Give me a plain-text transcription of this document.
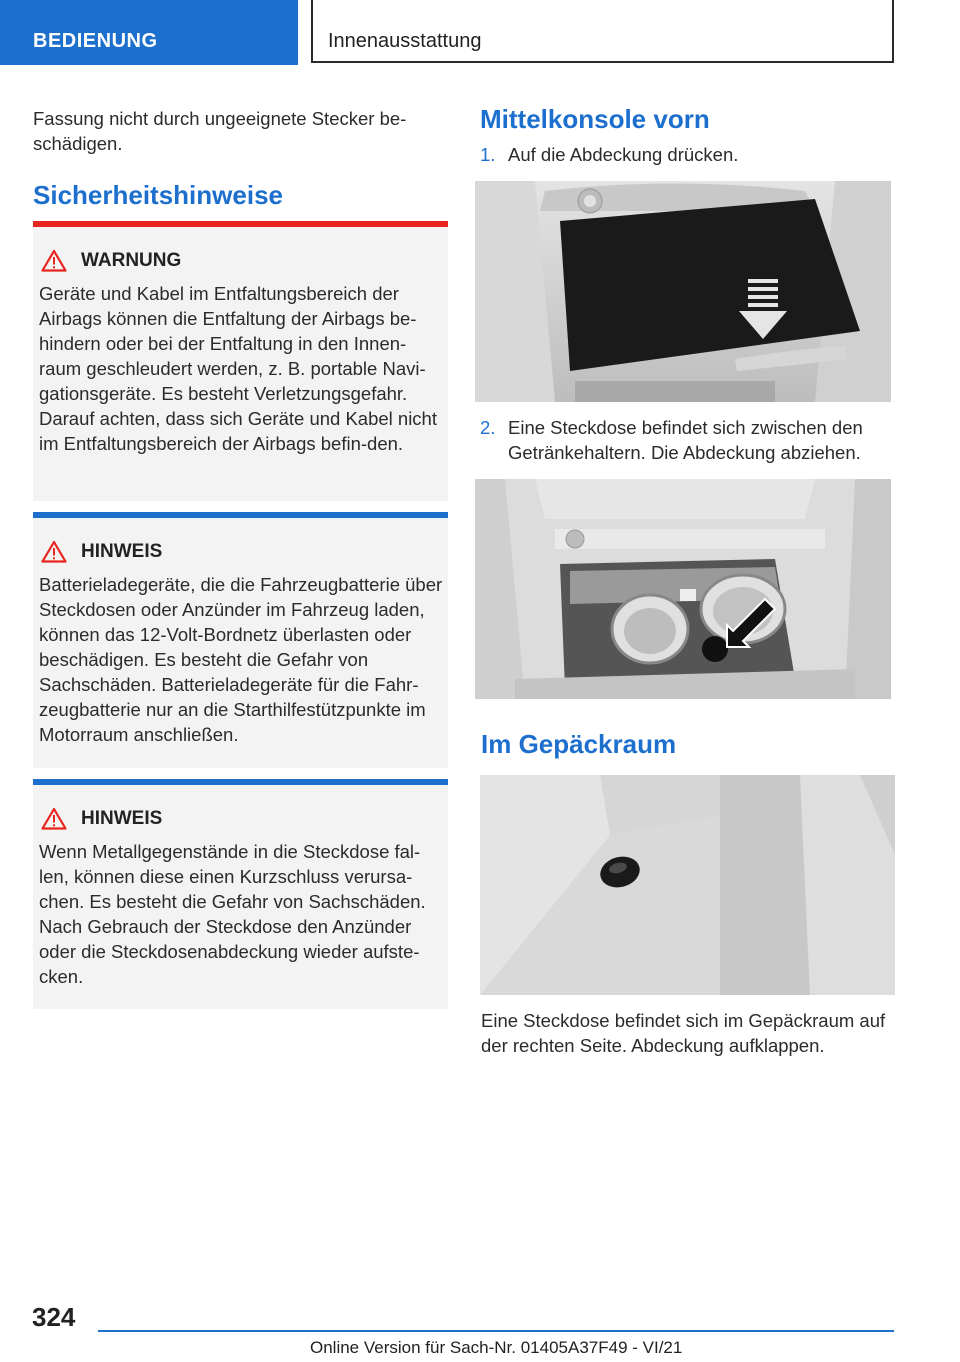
BEDIENUNG	Innenausstattung
Fassung nicht durch ungeeignete Stecker be-schädigen.
Sicherheitshinweise
WARNUNG
Geräte und Kabel im Entfaltungsbereich der Airbags können die Entfaltung der Airbags be-hindern oder bei der Entfaltung in den Innen-raum geschleudert werden, z. B. portable Navi-gationsgeräte. Es besteht Verletzungsgefahr. Darauf achten, dass sich Geräte und Kabel nicht im Entfaltungsbereich der Airbags befin-den.
HINWEIS
Batterieladegeräte, die die Fahrzeugbatterie über Steckdosen oder Anzünder im Fahrzeug laden, können das 12-Volt-Bordnetz überlasten oder beschädigen. Es besteht die Gefahr von Sachschäden. Batterieladegeräte für die Fahr-zeugbatterie nur an die Starthilfestützpunkte im Motorraum anschließen.
HINWEIS
Wenn Metallgegenstände in die Steckdose fal-len, können diese einen Kurzschluss verursa-chen. Es besteht die Gefahr von Sachschäden. Nach Gebrauch der Steckdose den Anzünder oder die Steckdosenabdeckung wieder aufste-cken.
Mittelkonsole vorn
1. Auf die Abdeckung drücken.
2. Eine Steckdose befindet sich zwischen den Getränkehaltern. Die Abdeckung abziehen.
Im Gepäckraum
Eine Steckdose befindet sich im Gepäckraum auf der rechten Seite. Abdeckung aufklappen.
324
Online Version für Sach-Nr. 01405A37F49 - VI/21
